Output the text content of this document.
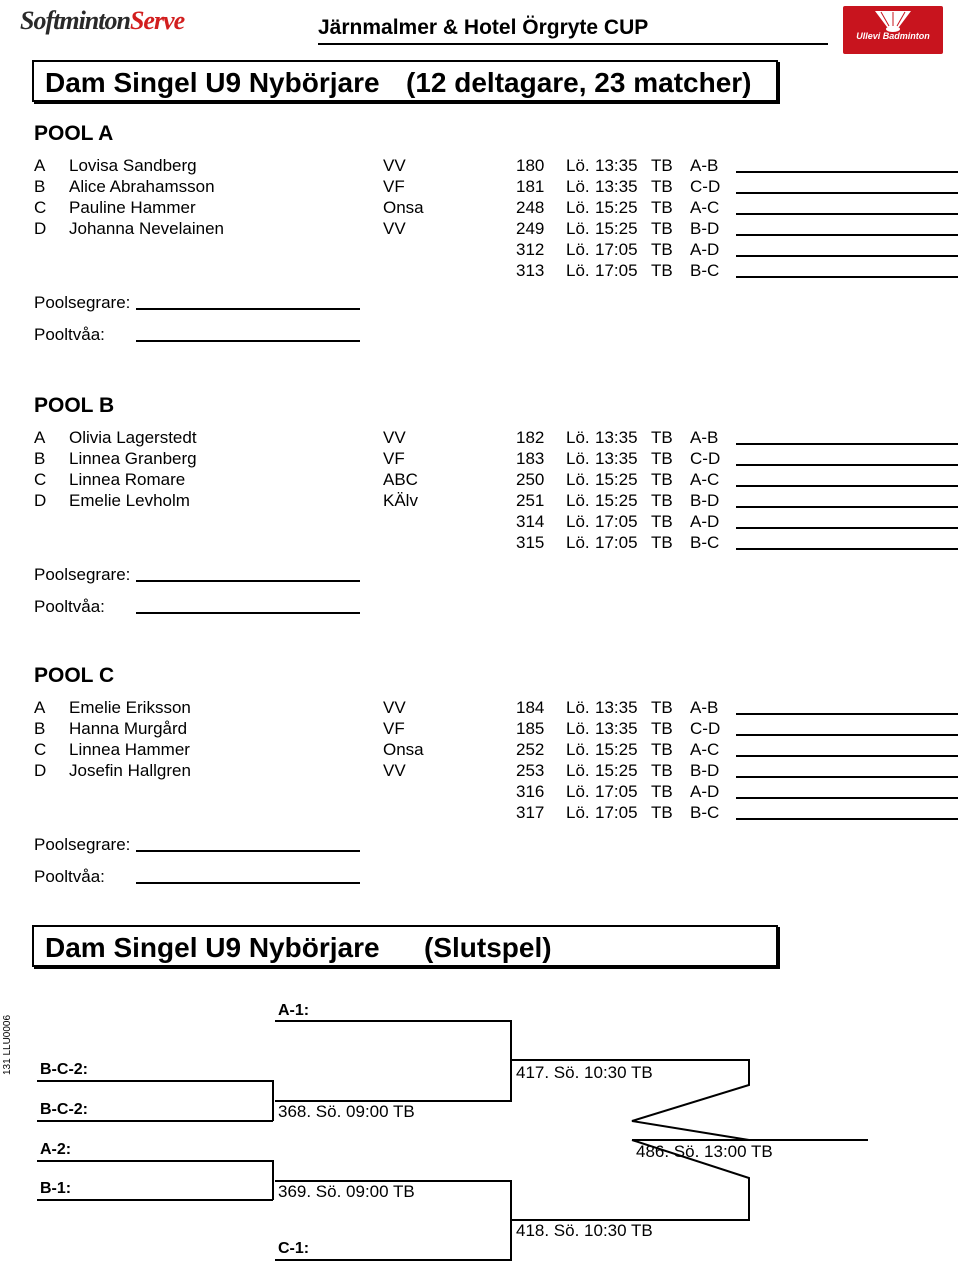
SoftmintonServe	Järnmalmer & Hotel Örgryte CUP	Ullevi Badminton
Dam Singel U9 Nybörjare (12 deltagare, 23 matcher)
POOL A
A Lovisa Sandberg	VV
B Alice Abrahamsson	VF
C Pauline Hammer	Onsa
D Johanna Nevelainen	VV
180 Lö. 13:35 TB A-B
181 Lö. 13:35 TB C-D
248 Lö. 15:25 TB A-C
249 Lö. 15:25 TB B-D
312 Lö. 17:05 TB A-D
313 Lö. 17:05 TB B-C
Poolsegrare:
Pooltvåa:
POOL B
A Olivia Lagerstedt	VV
B Linnea Granberg	VF
C Linnea Romare	ABC
D Emelie Levholm	KÄlv
182 Lö. 13:35 TB A-B
183 Lö. 13:35 TB C-D
250 Lö. 15:25 TB A-C
251 Lö. 15:25 TB B-D
314 Lö. 17:05 TB A-D
315 Lö. 17:05 TB B-C
Poolsegrare:
Pooltvåa:
POOL C
A Emelie Eriksson	VV
B Hanna Murgård	VF
C Linnea Hammer	Onsa
D Josefin Hallgren	VV
184 Lö. 13:35 TB A-B
185 Lö. 13:35 TB C-D
252 Lö. 15:25 TB A-C
253 Lö. 15:25 TB B-D
316 Lö. 17:05 TB A-D
317 Lö. 17:05 TB B-C
Poolsegrare:
Pooltvåa:
Dam Singel U9 Nybörjare (Slutspel)
131 LLU0006
A-1:
B-C-2:
B-C-2:
A-2:
B-1:
C-1:
368. Sö. 09:00 TB
369. Sö. 09:00 TB
417. Sö. 10:30 TB
418. Sö. 10:30 TB
486. Sö. 13:00 TB
